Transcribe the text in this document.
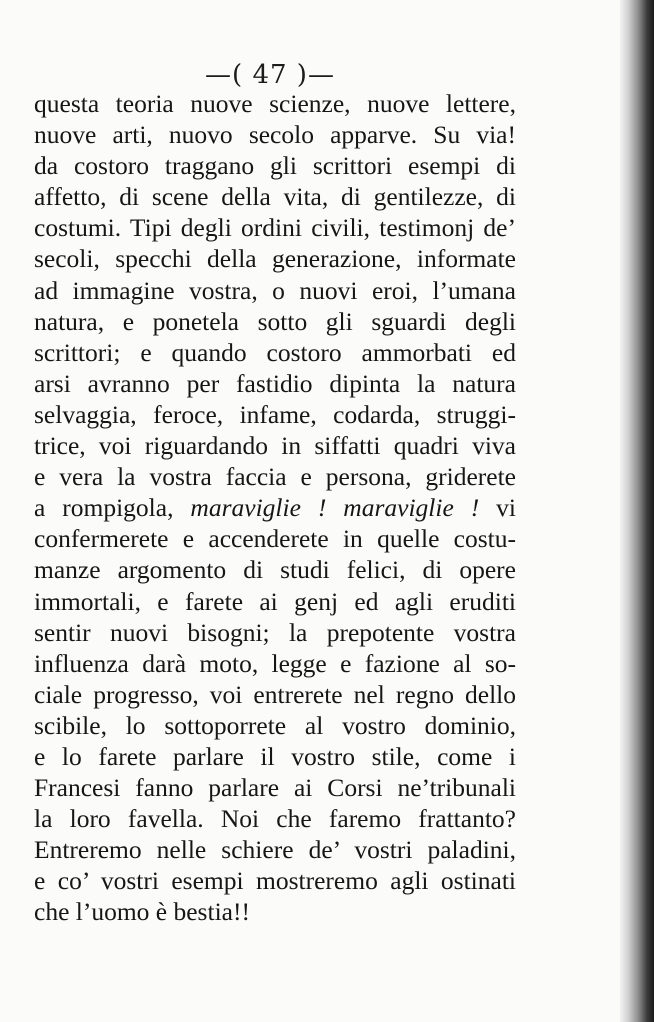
—( 47 )—
questa teoria nuove scienze, nuove lettere,
nuove arti, nuovo secolo apparve. Su via!
da costoro traggano gli scrittori esempi di
affetto, di scene della vita, di gentilezze, di
costumi. Tipi degli ordini civili, testimonj de’
secoli, specchi della generazione, informate
ad immagine vostra, o nuovi eroi, l’umana
natura, e ponetela sotto gli sguardi degli
scrittori; e quando costoro ammorbati ed
arsi avranno per fastidio dipinta la natura
selvaggia, feroce, infame, codarda, struggi-
trice, voi riguardando in siffatti quadri viva
e vera la vostra faccia e persona, griderete
a rompigola, maraviglie ! maraviglie ! vi
confermerete e accenderete in quelle costu-
manze argomento di studi felici, di opere
immortali, e farete ai genj ed agli eruditi
sentir nuovi bisogni; la prepotente vostra
influenza darà moto, legge e fazione al so-
ciale progresso, voi entrerete nel regno dello
scibile, lo sottoporrete al vostro dominio,
e lo farete parlare il vostro stile, come i
Francesi fanno parlare ai Corsi ne’tribunali
la loro favella. Noi che faremo frattanto?
Entreremo nelle schiere de’ vostri paladini,
e co’ vostri esempi mostreremo agli ostinati
che l’uomo è bestia!!
